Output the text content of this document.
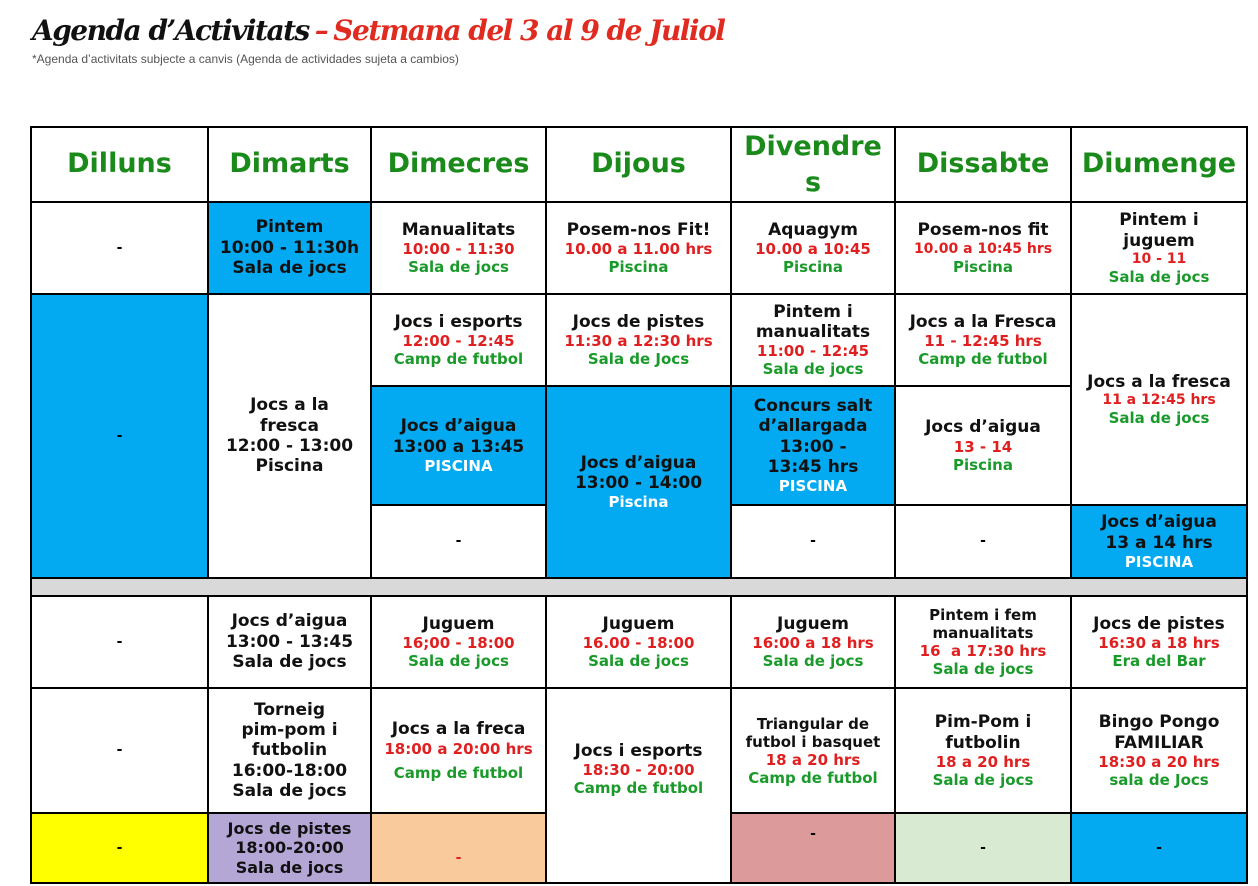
Agenda d’Activitats – Setmana del 3 al 9 de Juliol
*Agenda d’activitats subjecte a canvis (Agenda de actividades sujeta a cambios)
Dilluns Dimarts Dimecres Dijous
Divendres
Dissabte Diumenge
-
-
-
-
-
Pintem
10:00 - 11:30h
Sala de jocs
Jocs a la fresca
12:00 - 13:00
Piscina
Jocs d’aigua
13:00 - 13:45
Sala de jocs
Torneig pim-pom i futbolin
16:00-18:00
Sala de jocs
Jocs de pistes
18:00-20:00
Sala de jocs
Manualitats
10:00 - 11:30
Sala de jocs
Jocs i esports
12:00 - 12:45
Camp de futbol
Jocs d’aigua
13:00 a 13:45
PISCINA
-
Juguem
16;00 - 18:00
Sala de jocs
Jocs a la freca
18:00 a 20:00 hrs
Camp de futbol
-
Posem-nos Fit!
10.00 a 11.00 hrs
Piscina
Jocs de pistes
11:30 a 12:30 hrs
Sala de Jocs
Jocs d’aigua
13:00 - 14:00
Piscina
Juguem
16.00 - 18:00
Sala de jocs
Jocs i esports
18:30 - 20:00
Camp de futbol
Aquagym
10.00 a 10:45
Piscina
Pintem i manualitats
11:00 - 12:45
Sala de jocs
Concurs salt d’allargada
13:00 - 13:45 hrs
PISCINA
-
Juguem
16:00 a 18 hrs
Sala de jocs
Triangular de futbol i basquet
18 a 20 hrs
Camp de futbol
-
Posem-nos fit
10.00 a 10:45 hrs
Piscina
Jocs a la Fresca
11 - 12:45 hrs
Camp de futbol
Jocs d’aigua
13 - 14
Piscina
-
Pintem i fem manualitats
16  a 17:30 hrs
Sala de jocs
Pim-Pom i futbolin
18 a 20 hrs
Sala de jocs
-
Pintem i juguem
10 - 11
Sala de jocs
Jocs a la fresca
11 a 12:45 hrs
Sala de jocs
Jocs d’aigua
13 a 14 hrs
PISCINA
Jocs de pistes
16:30 a 18 hrs
Era del Bar
Bingo Pongo FAMILIAR
18:30 a 20 hrs
sala de Jocs
-
